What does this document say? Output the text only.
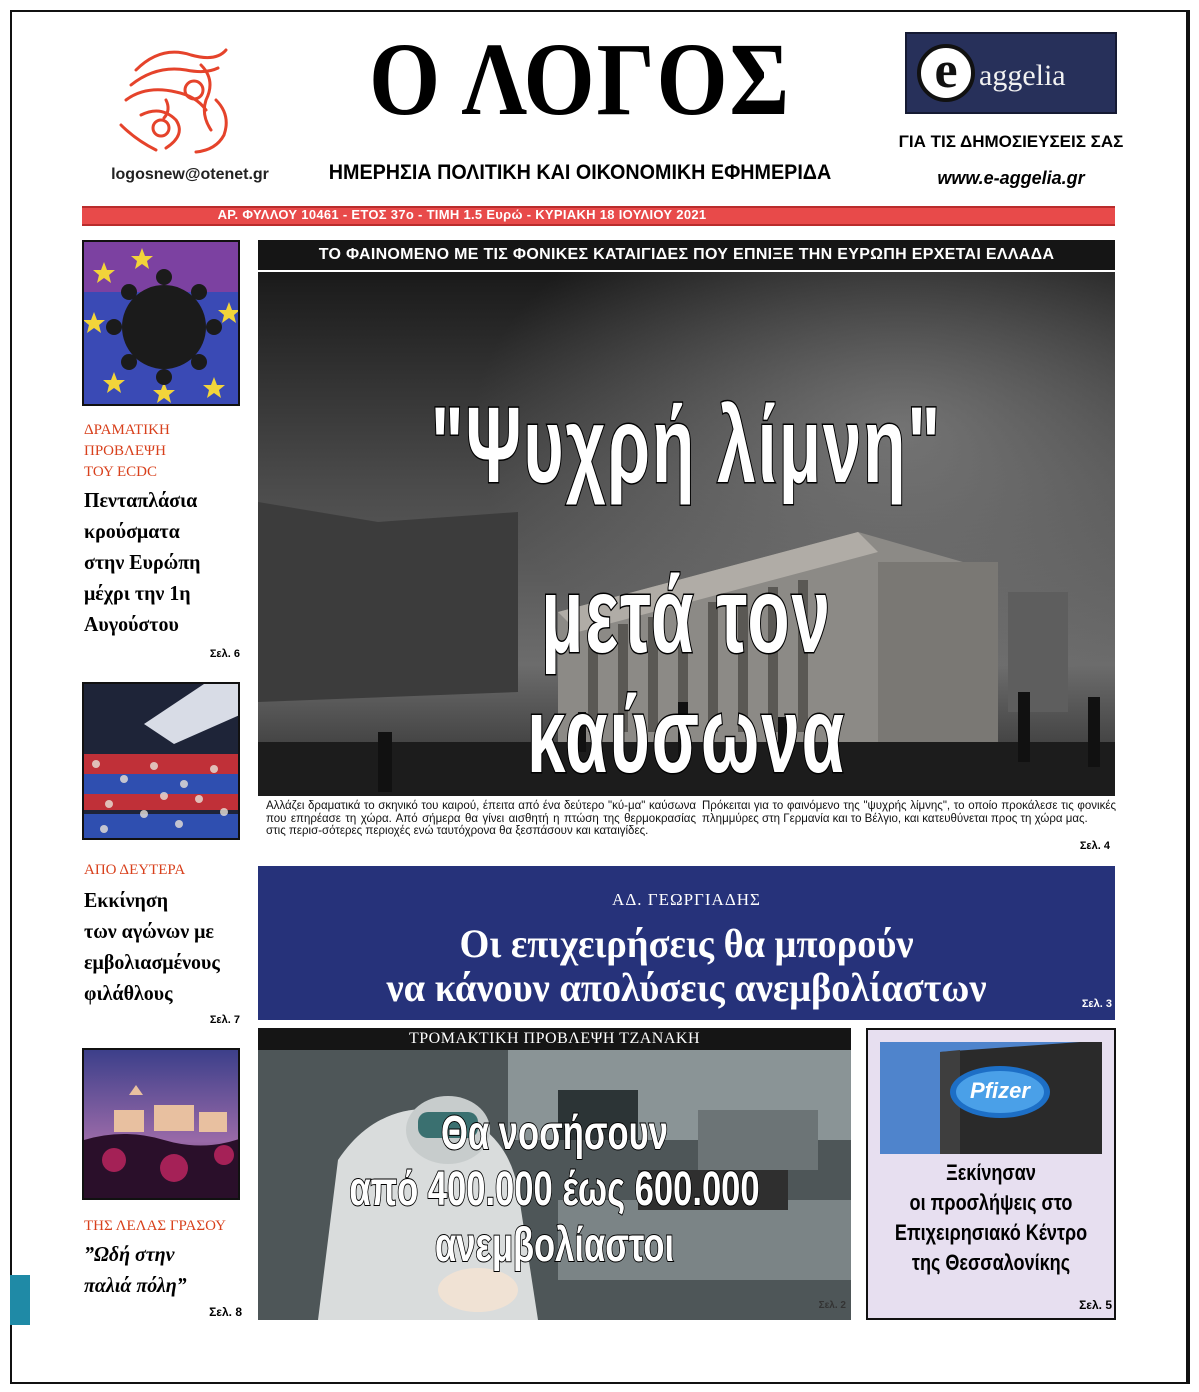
logosnew@otenet.gr
Ο ΛΟΓΟΣ
ΗΜΕΡΗΣΙΑ ΠΟΛΙΤΙΚΗ ΚΑΙ ΟΙΚΟΝΟΜΙΚΗ ΕΦΗΜΕΡΙΔΑ
e aggelia
ΓΙΑ ΤΙΣ ΔΗΜΟΣΙΕΥΣΕΙΣ ΣΑΣ
www.e-aggelia.gr
ΑΡ. ΦΥΛΛΟΥ 10461 - ΕΤΟΣ 37ο - ΤΙΜΗ 1.5 Ευρώ - ΚΥΡΙΑΚΗ 18 ΙΟΥΛΙΟΥ 2021
ΔΡΑΜΑΤΙΚΗ
ΠΡΟΒΛΕΨΗ
ΤΟΥ ECDC
Πενταπλάσια
κρούσματα
στην Ευρώπη
μέχρι την 1η
Αυγούστου
Σελ. 6
ΑΠΟ ΔΕΥΤΕΡΑ
Εκκίνηση
των αγώνων με
εμβολιασμένους
φιλάθλους
Σελ. 7
ΤΗΣ ΛΕΛΑΣ ΓΡΑΣΟΥ
”Ωδή στην
παλιά πόλη”
Σελ. 8
ΤΟ ΦΑΙΝΟΜΕΝΟ ΜΕ ΤΙΣ ΦΟΝΙΚΕΣ ΚΑΤΑΙΓΙΔΕΣ ΠΟΥ ΕΠΝΙΞΕ ΤΗΝ ΕΥΡΩΠΗ ΕΡΧΕΤΑΙ ΕΛΛΑΔΑ
"Ψυχρή λίμνη"
μετά τον καύσωνα
Αλλάζει δραματικά το σκηνικό του καιρού, έπειτα από ένα δεύτερο "κύ-μα" καύσωνα που επηρέασε τη χώρα. Από σήμερα θα γίνει αισθητή η πτώση της θερμοκρασίας στις περισ-σότερες περιοχές ενώ ταυτόχρονα θα ξεσπάσουν και καταιγίδες.
Πρόκειται για το φαινόμενο της "ψυχρής λίμνης", το οποίο προκάλεσε τις φονικές πλημμύρες στη Γερμανία και το Βέλγιο, και κατευθύνεται προς τη χώρα μας.
Σελ. 4
ΑΔ. ΓΕΩΡΓΙΑΔΗΣ
Οι επιχειρήσεις θα μπορούν
να κάνουν απολύσεις ανεμβολίαστων	Σελ. 3
ΤΡΟΜΑΚΤΙΚΗ ΠΡΟΒΛΕΨΗ ΤΖΑΝΑΚΗ
Θα νοσήσουν
από 400.000 έως 600.000
ανεμβολίαστοι
Σελ. 2
Pfizer
Ξεκίνησαν
οι προσλήψεις στο
Επιχειρησιακό Κέντρο
της Θεσσαλονίκης
Σελ. 5
